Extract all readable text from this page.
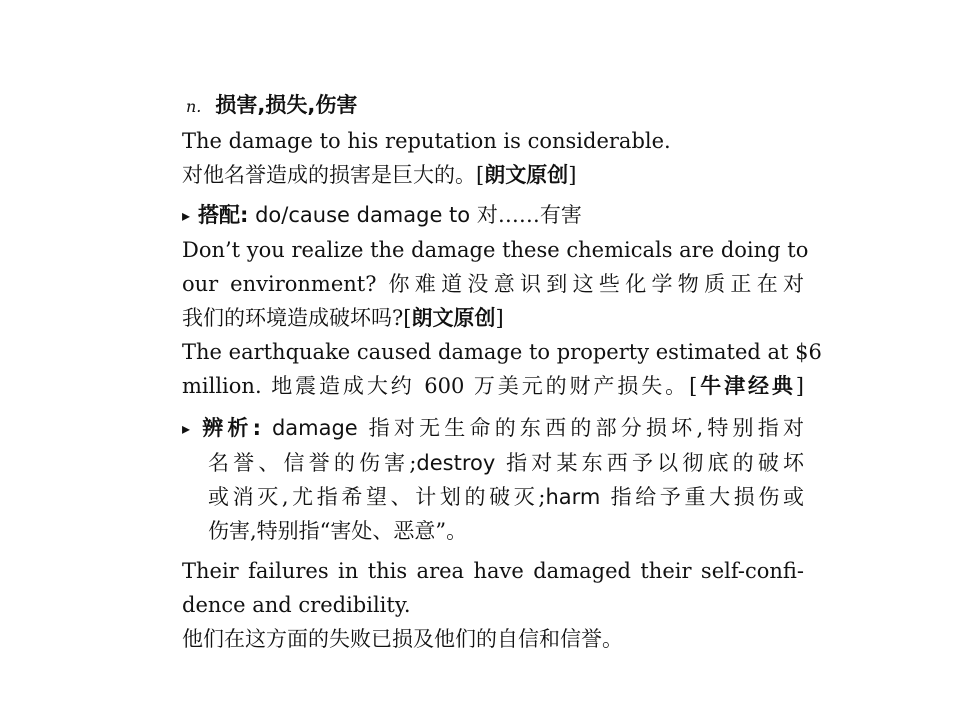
n. 损害,损失,伤害
The damage to his reputation is considerable.
对他名誉造成的损害是巨大的。[朗文原创]
▸ 搭配: do/cause damage to 对……有害
Don’t you realize the damage these chemicals are doing to
our environment? 你难道没意识到这些化学物质正在对
我们的环境造成破坏吗?[朗文原创]
The earthquake caused damage to property estimated at $6
million. 地震造成大约 600 万美元的财产损失。[牛津经典]
▸ 辨析: damage 指对无生命的东西的部分损坏,特别指对
名誉、信誉的伤害;destroy 指对某东西予以彻底的破坏
或消灭,尤指希望、计划的破灭;harm 指给予重大损伤或
伤害,特别指“害处、恶意”。
Their failures in this area have damaged their self-confi-
dence and credibility.
他们在这方面的失败已损及他们的自信和信誉。
